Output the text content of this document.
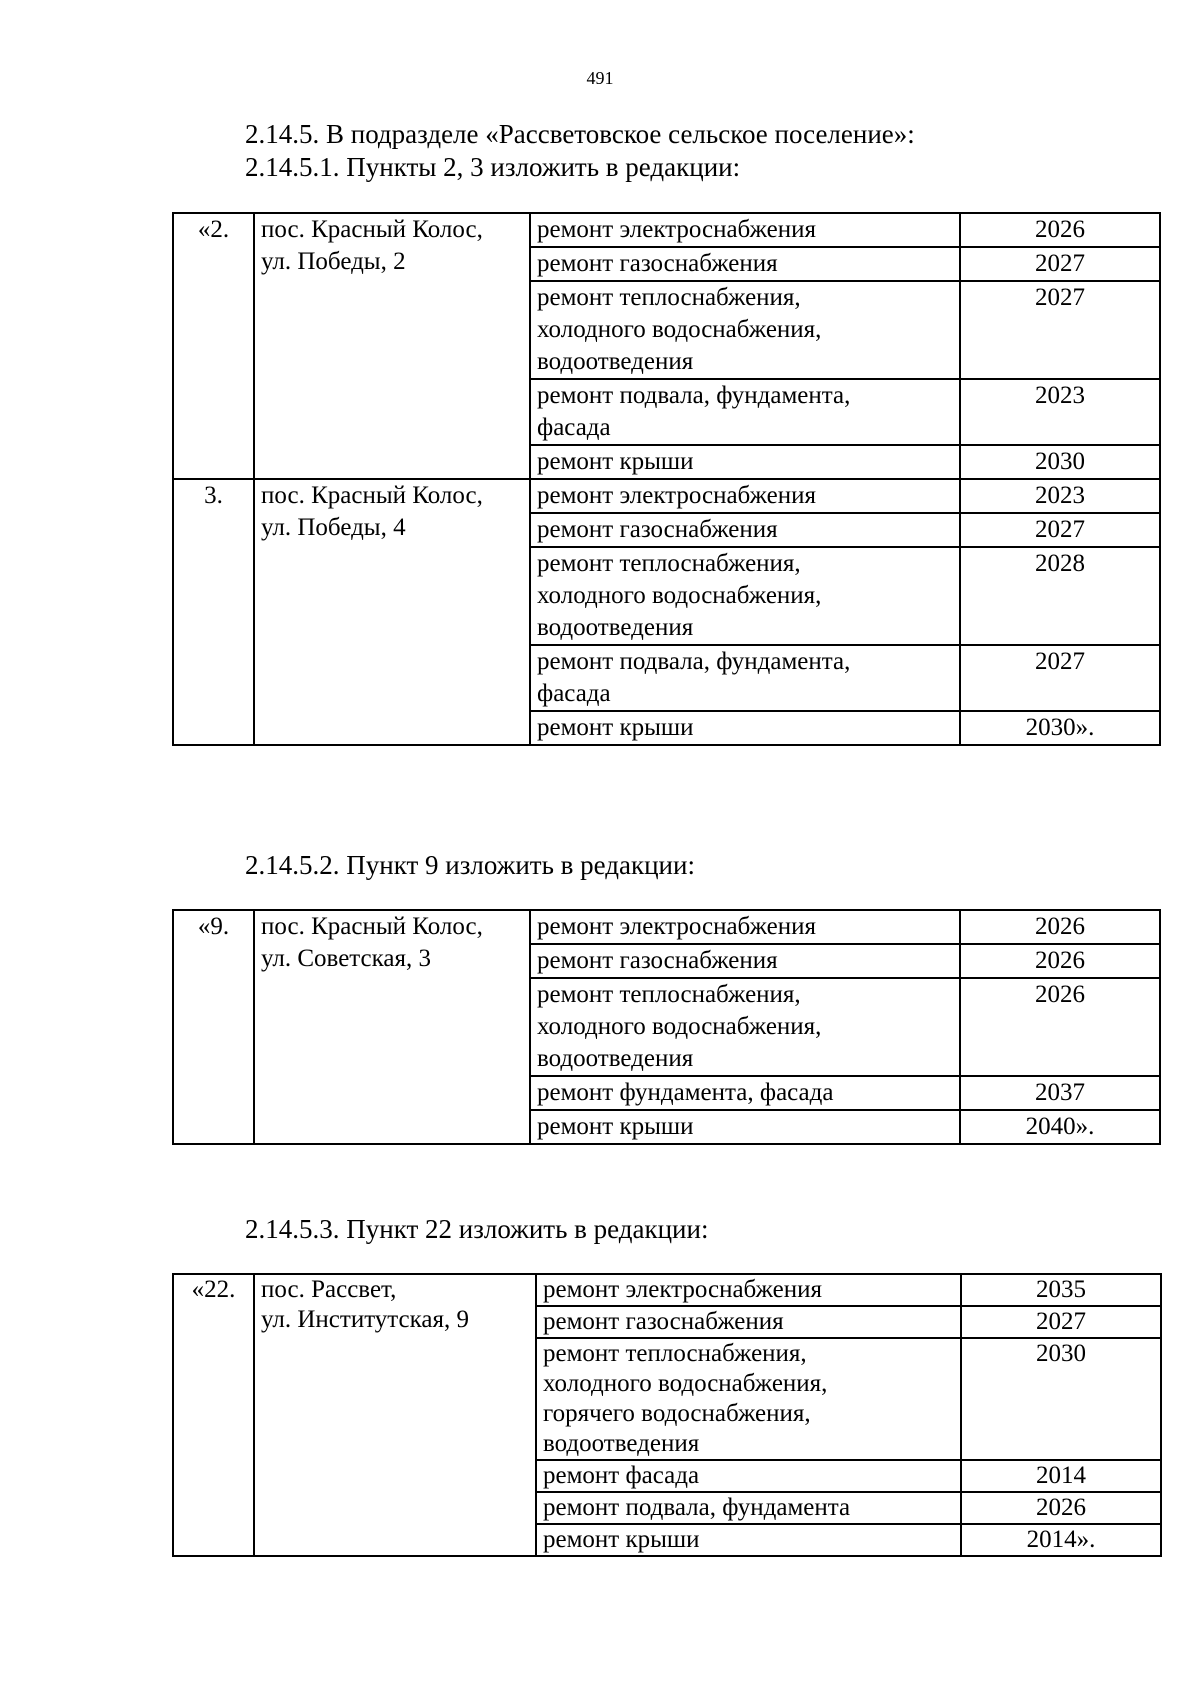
491
2.14.5. В подразделе «Рассветовское сельское поселение»:
2.14.5.1. Пункты 2, 3 изложить в редакции:
«2.	пос. Красный Колос,
ул. Победы, 2	ремонт электроснабжения	2026

		ремонт газоснабжения	2027

		ремонт теплоснабжения,
холодного водоснабжения,
водоотведения	2027

		ремонт подвала, фундамента,
фасада	2023

		ремонт крыши	2030
3.	пос. Красный Колос,
ул. Победы, 4	ремонт электроснабжения	2023

		ремонт газоснабжения	2027

		ремонт теплоснабжения,
холодного водоснабжения,
водоотведения	2028

		ремонт подвала, фундамента,
фасада	2027

		ремонт крыши	2030».
2.14.5.2. Пункт 9 изложить в редакции:
«9.	пос. Красный Колос,
ул. Советская, 3	ремонт электроснабжения	2026

		ремонт газоснабжения	2026

		ремонт теплоснабжения,
холодного водоснабжения,
водоотведения	2026

		ремонт фундамента, фасада	2037

		ремонт крыши	2040».
2.14.5.3. Пункт 22 изложить в редакции:
«22.	пос. Рассвет,
ул. Институтская, 9	ремонт электроснабжения	2035

		ремонт газоснабжения	2027

		ремонт теплоснабжения,
холодного водоснабжения,
горячего водоснабжения,
водоотведения	2030

		ремонт фасада	2014

		ремонт подвала, фундамента	2026

		ремонт крыши	2014».
